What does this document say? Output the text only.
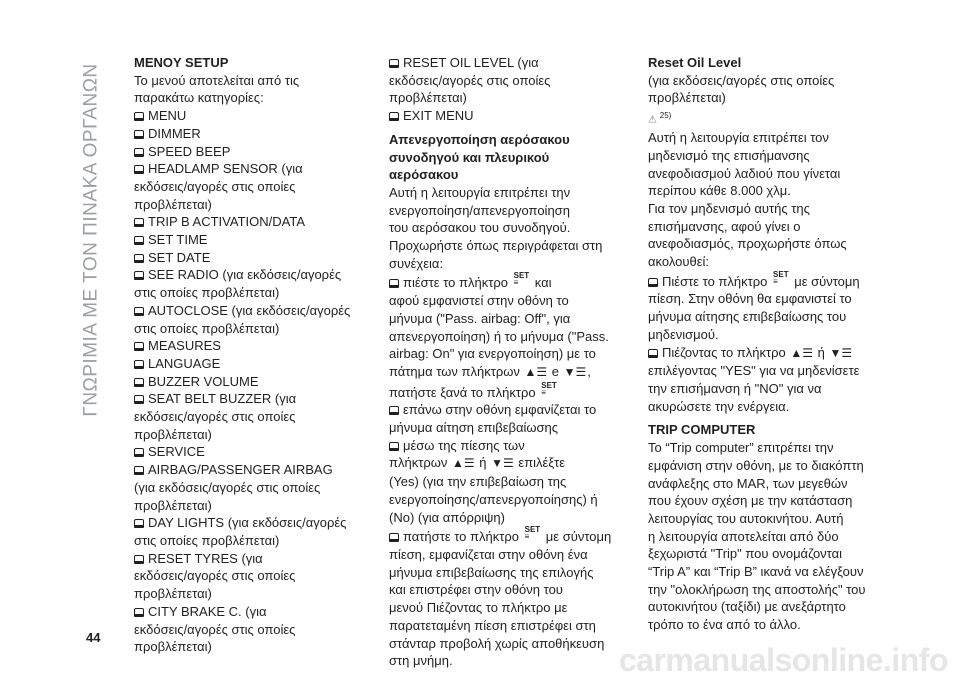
ΓΝΩΡΙΜΙΑ ΜΕ ΤΟΝ ΠΙΝΑΚΑ ΟΡΓΑΝΩΝ
MENOY SETUP

Το μενού αποτελείται από τις

παρακάτω κατηγορίες:

MENU

DIMMER

SPEED BEEP

HEADLAMP SENSOR (για

εκδόσεις/αγορές στις οποίες

προβλέπεται)

TRIP B ACTIVATION/DATA

SET TIME

SET DATE

SEE RADIO (για εκδόσεις/αγορές

στις οποίες προβλέπεται)

AUTOCLOSE (για εκδόσεις/αγορές

στις οποίες προβλέπεται)

MEASURES

LANGUAGE

BUZZER VOLUME

SEAT BELT BUZZER (για

εκδόσεις/αγορές στις οποίες

προβλέπεται)

SERVICE

AIRBAG/PASSENGER AIRBAG

(για εκδόσεις/αγορές στις οποίες

προβλέπεται)

DAY LIGHTS (για εκδόσεις/αγορές

στις οποίες προβλέπεται)

RESET TYRES (για

εκδόσεις/αγορές στις οποίες

προβλέπεται)

CITY BRAKE C. (για

εκδόσεις/αγορές στις οποίες

προβλέπεται)

RESET OIL LEVEL (για

εκδόσεις/αγορές στις οποίες

προβλέπεται)

EXIT MENU

Απενεργοποίηση αερόσακου
συνοδηγού και πλευρικού
αερόσακου

Αυτή η λειτουργία επιτρέπει την

ενεργοποίηση/απενεργοποίηση

του αερόσακου του συνοδηγού.

Προχωρήστε όπως περιγράφεται στη

συνέχεια:

πιέστε το πλήκτρο SET
≡ και

αφού εμφανιστεί στην οθόνη το

μήνυμα ("Pass. airbag: Off", για

απενεργοποίηση) ή το μήνυμα ("Pass.

airbag: On" για ενεργοποίηση) με το

πάτημα των πλήκτρων ▲☰ e ▼☰,

πατήστε ξανά το πλήκτρο SET
≡

επάνω στην οθόνη εμφανίζεται το

μήνυμα αίτηση επιβεβαίωσης

μέσω της πίεσης των

πλήκτρων ▲☰ ή ▼☰ επιλέξτε

(Yes) (για την επιβεβαίωση της

ενεργοποίησης/απενεργοποίησης) ή

(No) (για απόρριψη)

πατήστε το πλήκτρο SET
≡ με σύντομη

πίεση, εμφανίζεται στην οθόνη ένα

μήνυμα επιβεβαίωσης της επιλογής

και επιστρέφει στην οθόνη του

μενού Πιέζοντας το πλήκτρο με

παρατεταμένη πίεση επιστρέφει στη

στάνταρ προβολή χωρίς αποθήκευση

στη μνήμη.

Reset Oil Level

(για εκδόσεις/αγορές στις οποίες

προβλέπεται)

⚠ $^{25)}$

Αυτή η λειτουργία επιτρέπει τον

μηδενισμό της επισήμανσης

ανεφοδιασμού λαδιού που γίνεται

περίπου κάθε 8.000 χλμ.

Για τον μηδενισμό αυτής της

επισήμανσης, αφού γίνει ο

ανεφοδιασμός, προχωρήστε όπως

ακολουθεί:

Πιέστε το πλήκτρο SET
≡ με σύντομη

πίεση. Στην οθόνη θα εμφανιστεί το

μήνυμα αίτησης επιβεβαίωσης του

μηδενισμού.

Πιέζοντας το πλήκτρο ▲☰ ή ▼☰

επιλέγοντας "YES" για να μηδενίσετε

την επισήμανση ή "NO" για να

ακυρώσετε την ενέργεια.

TRIP COMPUTER

Το “Trip computer” επιτρέπει την

εμφάνιση στην οθόνη, με το διακόπτη

ανάφλεξης στο MAR, των μεγεθών

που έχουν σχέση με την κατάσταση

λειτουργίας του αυτοκινήτου. Αυτή

η λειτουργία αποτελείται από δύο

ξεχωριστά "Trip" που ονομάζονται

“Trip A” και “Trip B” ικανά να ελέγξουν

την "ολοκλήρωση της αποστολής" του

αυτοκινήτου (ταξίδι) με ανεξάρτητο

τρόπο το ένα από το άλλο.

44
carmanualsonline.info
